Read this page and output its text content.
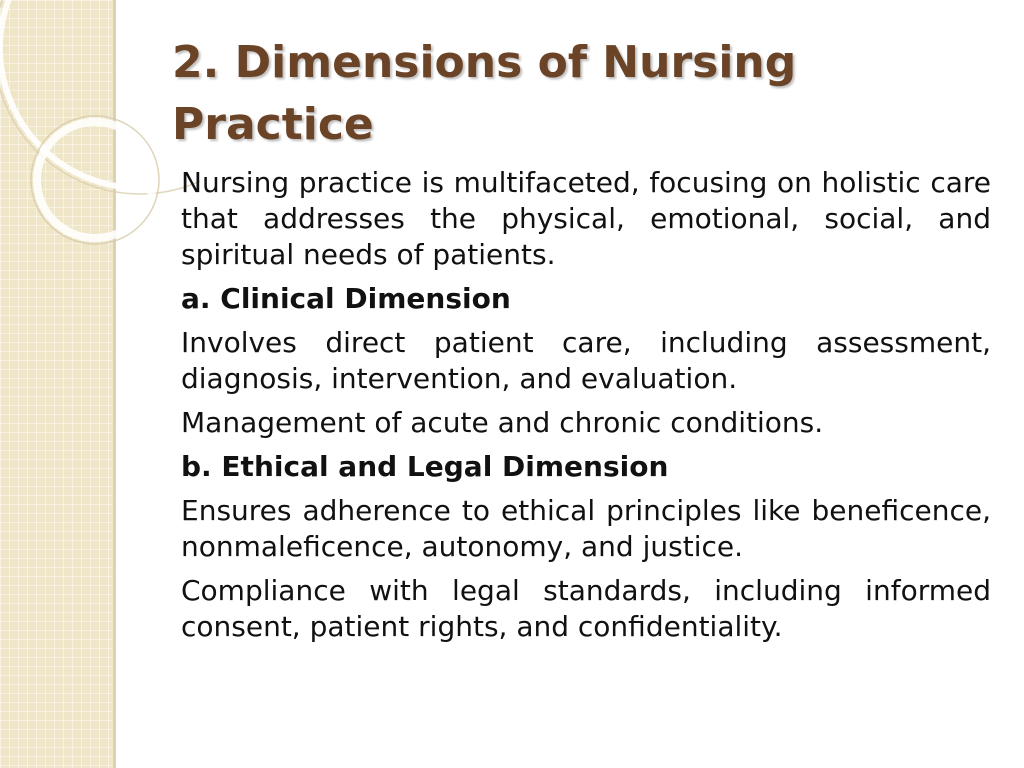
2. Dimensions of Nursing Practice

Nursing practice is multifaceted, focusing on holistic care that addresses the physical, emotional, social, and spiritual needs of patients.

a. Clinical Dimension

Involves direct patient care, including assessment, diagnosis, intervention, and evaluation.

Management of acute and chronic conditions.

b. Ethical and Legal Dimension

Ensures adherence to ethical principles like beneficence, nonmaleficence, autonomy, and justice.

Compliance with legal standards, including informed consent, patient rights, and confidentiality.
